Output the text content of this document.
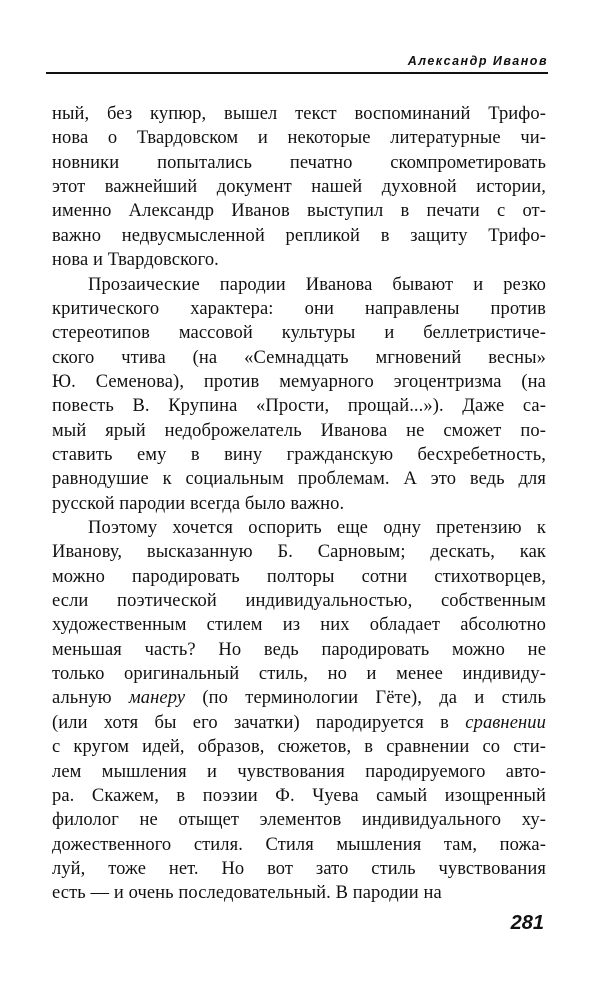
Александр Иванов
ный, без купюр, вышел текст воспоминаний Трифо-
нова о Твардовском и некоторые литературные чи-
новники попытались печатно скомпрометировать
этот важнейший документ нашей духовной истории,
именно Александр Иванов выступил в печати с от-
важно недвусмысленной репликой в защиту Трифо-
нова и Твардовского.
Прозаические пародии Иванова бывают и резко
критического характера: они направлены против
стереотипов массовой культуры и беллетристиче-
ского чтива (на «Семнадцать мгновений весны»
Ю. Семенова), против мемуарного эгоцентризма (на
повесть В. Крупина «Прости, прощай...»). Даже са-
мый ярый недоброжелатель Иванова не сможет по-
ставить ему в вину гражданскую бесхребетность,
равнодушие к социальным проблемам. А это ведь для
русской пародии всегда было важно.
Поэтому хочется оспорить еще одну претензию к
Иванову, высказанную Б. Сарновым; дескать, как
можно пародировать полторы сотни стихотворцев,
если поэтической индивидуальностью, собственным
художественным стилем из них обладает абсолютно
меньшая часть? Но ведь пародировать можно не
только оригинальный стиль, но и менее индивиду-
альную манеру (по терминологии Гёте), да и стиль
(или хотя бы его зачатки) пародируется в сравнении
с кругом идей, образов, сюжетов, в сравнении со сти-
лем мышления и чувствования пародируемого авто-
ра. Скажем, в поэзии Ф. Чуева самый изощренный
филолог не отыщет элементов индивидуального ху-
дожественного стиля. Стиля мышления там, пожа-
луй, тоже нет. Но вот зато стиль чувствования
есть — и очень последовательный. В пародии на
281
